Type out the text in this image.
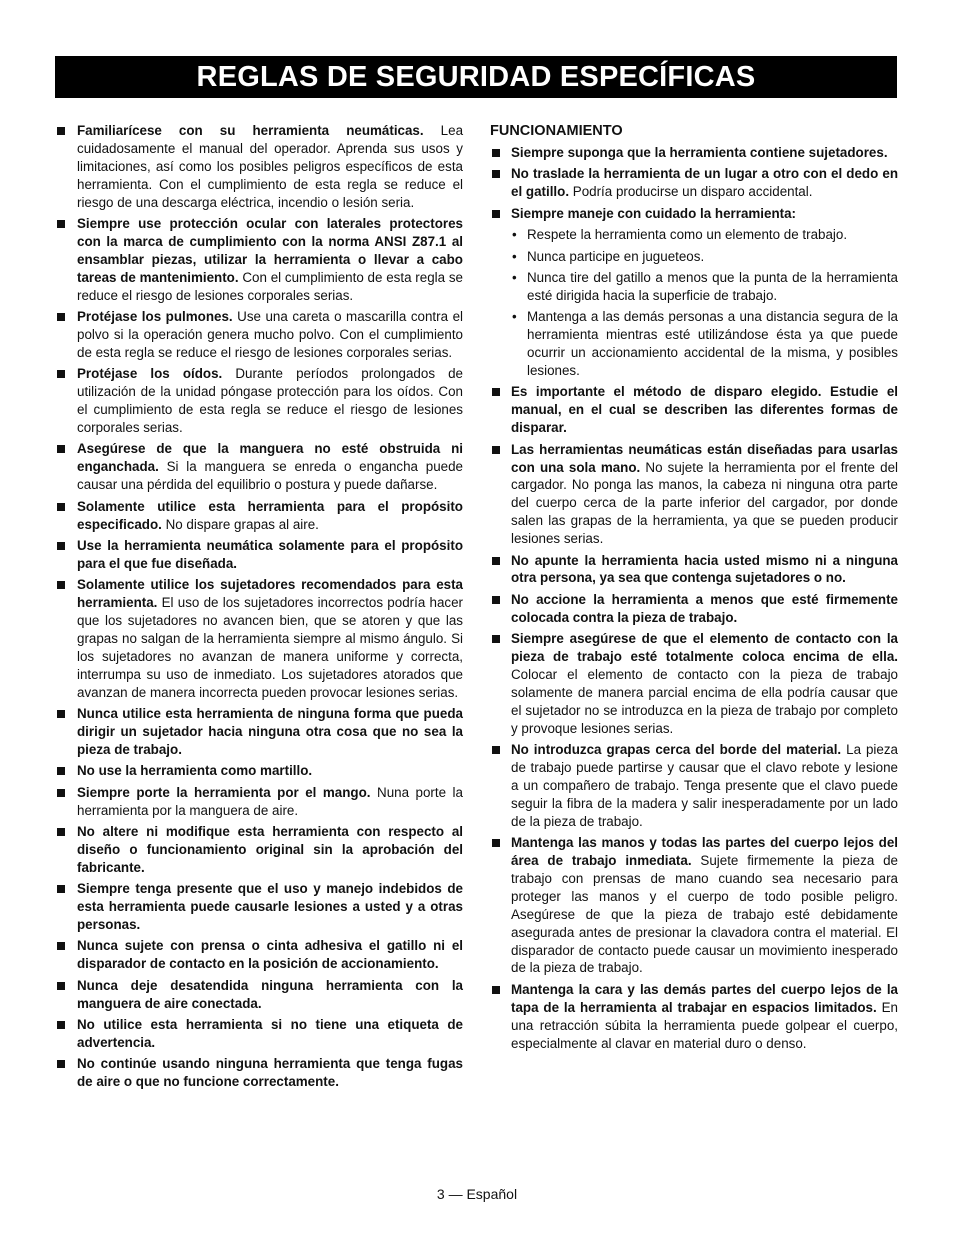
REGLAS DE SEGURIDAD ESPECÍFICAS
Familiarícese con su herramienta neumáticas. Lea cuidadosamente el manual del operador. Aprenda sus usos y limitaciones, así como los posibles peligros específicos de esta herramienta. Con el cumplimiento de esta regla se reduce el riesgo de una descarga eléctrica, incendio o lesión seria.
Siempre use protección ocular con laterales protectores con la marca de cumplimiento con la norma ANSI Z87.1 al ensamblar piezas, utilizar la herramienta o llevar a cabo tareas de mantenimiento. Con el cumplimiento de esta regla se reduce el riesgo de lesiones corporales serias.
Protéjase los pulmones. Use una careta o mascarilla contra el polvo si la operación genera mucho polvo. Con el cumplimiento de esta regla se reduce el riesgo de lesiones corporales serias.
Protéjase los oídos. Durante períodos prolongados de utilización de la unidad póngase protección para los oídos. Con el cumplimiento de esta regla se reduce el riesgo de lesiones corporales serias.
Asegúrese de que la manguera no esté obstruida ni enganchada. Si la manguera se enreda o engancha puede causar una pérdida del equilibrio o postura y puede dañarse.
Solamente utilice esta herramienta para el propósito especificado. No dispare grapas al aire.
Use la herramienta neumática solamente para el propósito para el que fue diseñada.
Solamente utilice los sujetadores recomendados para esta herramienta. El uso de los sujetadores incorrectos podría hacer que los sujetadores no avancen bien, que se atoren y que las grapas no salgan de la herramienta siempre al mismo ángulo. Si los sujetadores no avanzan de manera uniforme y correcta, interrumpa su uso de inmediato. Los sujetadores atorados que avanzan de manera incorrecta pueden provocar lesiones serias.
Nunca utilice esta herramienta de ninguna forma que pueda dirigir un sujetador hacia ninguna otra cosa que no sea la pieza de trabajo.
No use la herramienta como martillo.
Siempre porte la herramienta por el mango. Nuna porte la herramienta por la manguera de aire.
No altere ni modifique esta herramienta con respecto al diseño o funcionamiento original sin la aprobación del fabricante.
Siempre tenga presente que el uso y manejo indebidos de esta herramienta puede causarle lesiones a usted y a otras personas.
Nunca sujete con prensa o cinta adhesiva el gatillo ni el disparador de contacto en la posición de accionamiento.
Nunca deje desatendida ninguna herramienta con la manguera de aire conectada.
No utilice esta herramienta si no tiene una etiqueta de advertencia.
No continúe usando ninguna herramienta que tenga fugas de aire o que no funcione correctamente.
FUNCIONAMIENTO
Siempre suponga que la herramienta contiene sujetadores.
No traslade la herramienta de un lugar a otro con el dedo en el gatillo. Podría producirse un disparo accidental.
Siempre maneje con cuidado la herramienta:
• Respete la herramienta como un elemento de trabajo.
• Nunca participe en jugueteos.
• Nunca tire del gatillo a menos que la punta de la herramienta esté dirigida hacia la superficie de trabajo.
• Mantenga a las demás personas a una distancia segura de la herramienta mientras esté utilizándose ésta ya que puede ocurrir un accionamiento accidental de la misma, y posibles lesiones.
Es importante el método de disparo elegido. Estudie el manual, en el cual se describen las diferentes formas de disparar.
Las herramientas neumáticas están diseñadas para usarlas con una sola mano. No sujete la herramienta por el frente del cargador. No ponga las manos, la cabeza ni ninguna otra parte del cuerpo cerca de la parte inferior del cargador, por donde salen las grapas de la herramienta, ya que se pueden producir lesiones serias.
No apunte la herramienta hacia usted mismo ni a ninguna otra persona, ya sea que contenga sujetadores o no.
No accione la herramienta a menos que esté firmemente colocada contra la pieza de trabajo.
Siempre asegúrese de que el elemento de contacto con la pieza de trabajo esté totalmente coloca encima de ella. Colocar el elemento de contacto con la pieza de trabajo solamente de manera parcial encima de ella podría causar que el sujetador no se introduzca en la pieza de trabajo por completo y provoque lesiones serias.
No introduzca grapas cerca del borde del material. La pieza de trabajo puede partirse y causar que el clavo rebote y lesione a un compañero de trabajo. Tenga presente que el clavo puede seguir la fibra de la madera y salir inesperadamente por un lado de la pieza de trabajo.
Mantenga las manos y todas las partes del cuerpo lejos del área de trabajo inmediata. Sujete firmemente la pieza de trabajo con prensas de mano cuando sea necesario para proteger las manos y el cuerpo de todo posible peligro. Asegúrese de que la pieza de trabajo esté debidamente asegurada antes de presionar la clavadora contra el material. El disparador de contacto puede causar un movimiento inesperado de la pieza de trabajo.
Mantenga la cara y las demás partes del cuerpo lejos de la tapa de la herramienta al trabajar en espacios limitados. En una retracción súbita la herramienta puede golpear el cuerpo, especialmente al clavar en material duro o denso.
3 — Español
